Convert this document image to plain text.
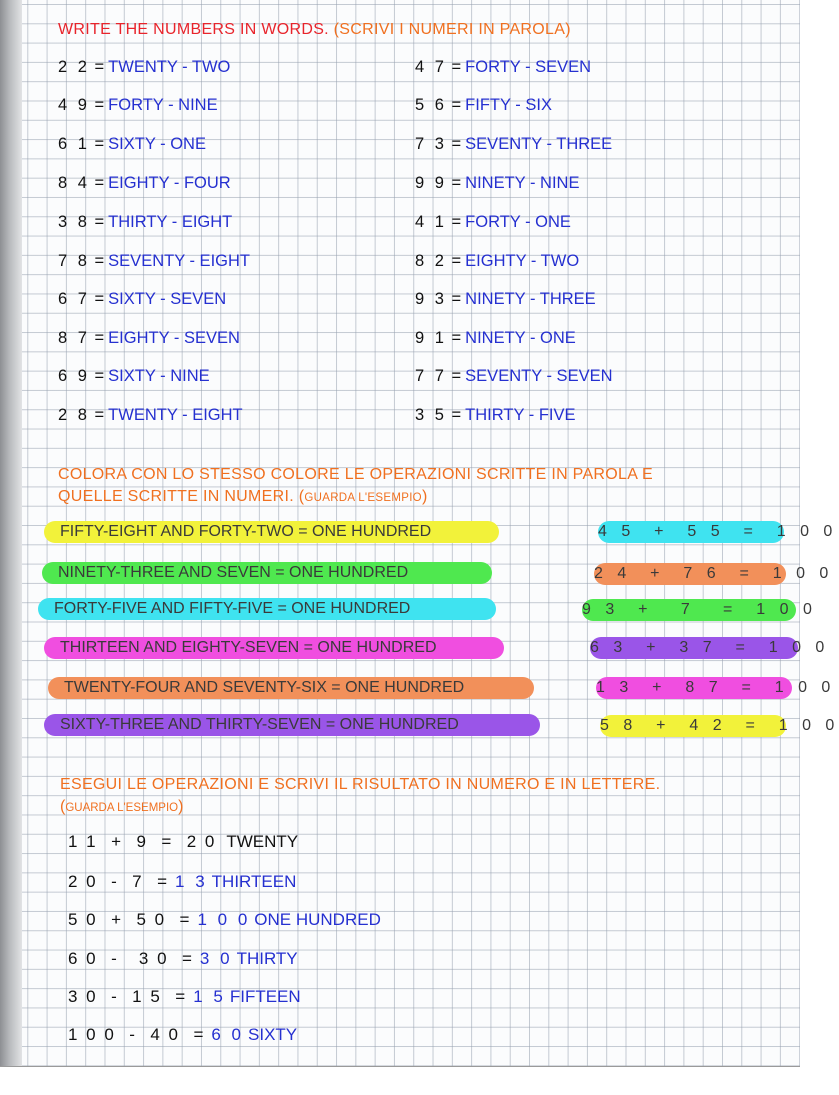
WRITE THE NUMBERS IN WORDS. (SCRIVI I NUMERI IN PAROLA)
2 2 = TWENTY - TWO
4 9 = FORTY - NINE
6 1 = SIXTY - ONE
8 4 = EIGHTY - FOUR
3 8 = THIRTY - EIGHT
7 8 = SEVENTY - EIGHT
6 7 = SIXTY - SEVEN
8 7 = EIGHTY - SEVEN
6 9 = SIXTY - NINE
2 8 = TWENTY - EIGHT
4 7 = FORTY - SEVEN
5 6 = FIFTY - SIX
7 3 = SEVENTY - THREE
9 9 = NINETY - NINE
4 1 = FORTY - ONE
8 2 = EIGHTY - TWO
9 3 = NINETY - THREE
9 1 = NINETY - ONE
7 7 = SEVENTY - SEVEN
3 5 = THIRTY - FIVE
COLORA CON LO STESSO COLORE LE OPERAZIONI SCRITTE IN PAROLA E
QUELLE SCRITTE IN NUMERI. (GUARDA L'ESEMPIO)
FIFTY-EIGHT AND FORTY-TWO = ONE HUNDRED
NINETY-THREE AND SEVEN = ONE HUNDRED
FORTY-FIVE AND FIFTY-FIVE = ONE HUNDRED
THIRTEEN AND EIGHTY-SEVEN = ONE HUNDRED
TWENTY-FOUR AND SEVENTY-SIX = ONE HUNDRED
SIXTY-THREE AND THIRTY-SEVEN = ONE HUNDRED
4 5  +  5 5  =  1 0 0
2 4  +  7 6  =  1 0 0
9 3  +   7   =  1 0 0
6 3  +  3 7  =  1 0 0
1 3  +  8 7  =  1 0 0
5 8  +  4 2  =  1 0 0
ESEGUI LE OPERAZIONI E SCRIVI IL RISULTATO IN NUMERO E IN LETTERE.
(GUARDA L'ESEMPIO)
1 1  +  9  =  2 0 TWENTY
2 0  -  7  = 1 3 THIRTEEN
5 0  +  5 0  = 1 0 0 ONE HUNDRED
6 0  -   3 0  = 3 0 THIRTY
3 0  -  1 5  = 1 5 FIFTEEN
1 0 0  -  4 0  = 6 0 SIXTY
